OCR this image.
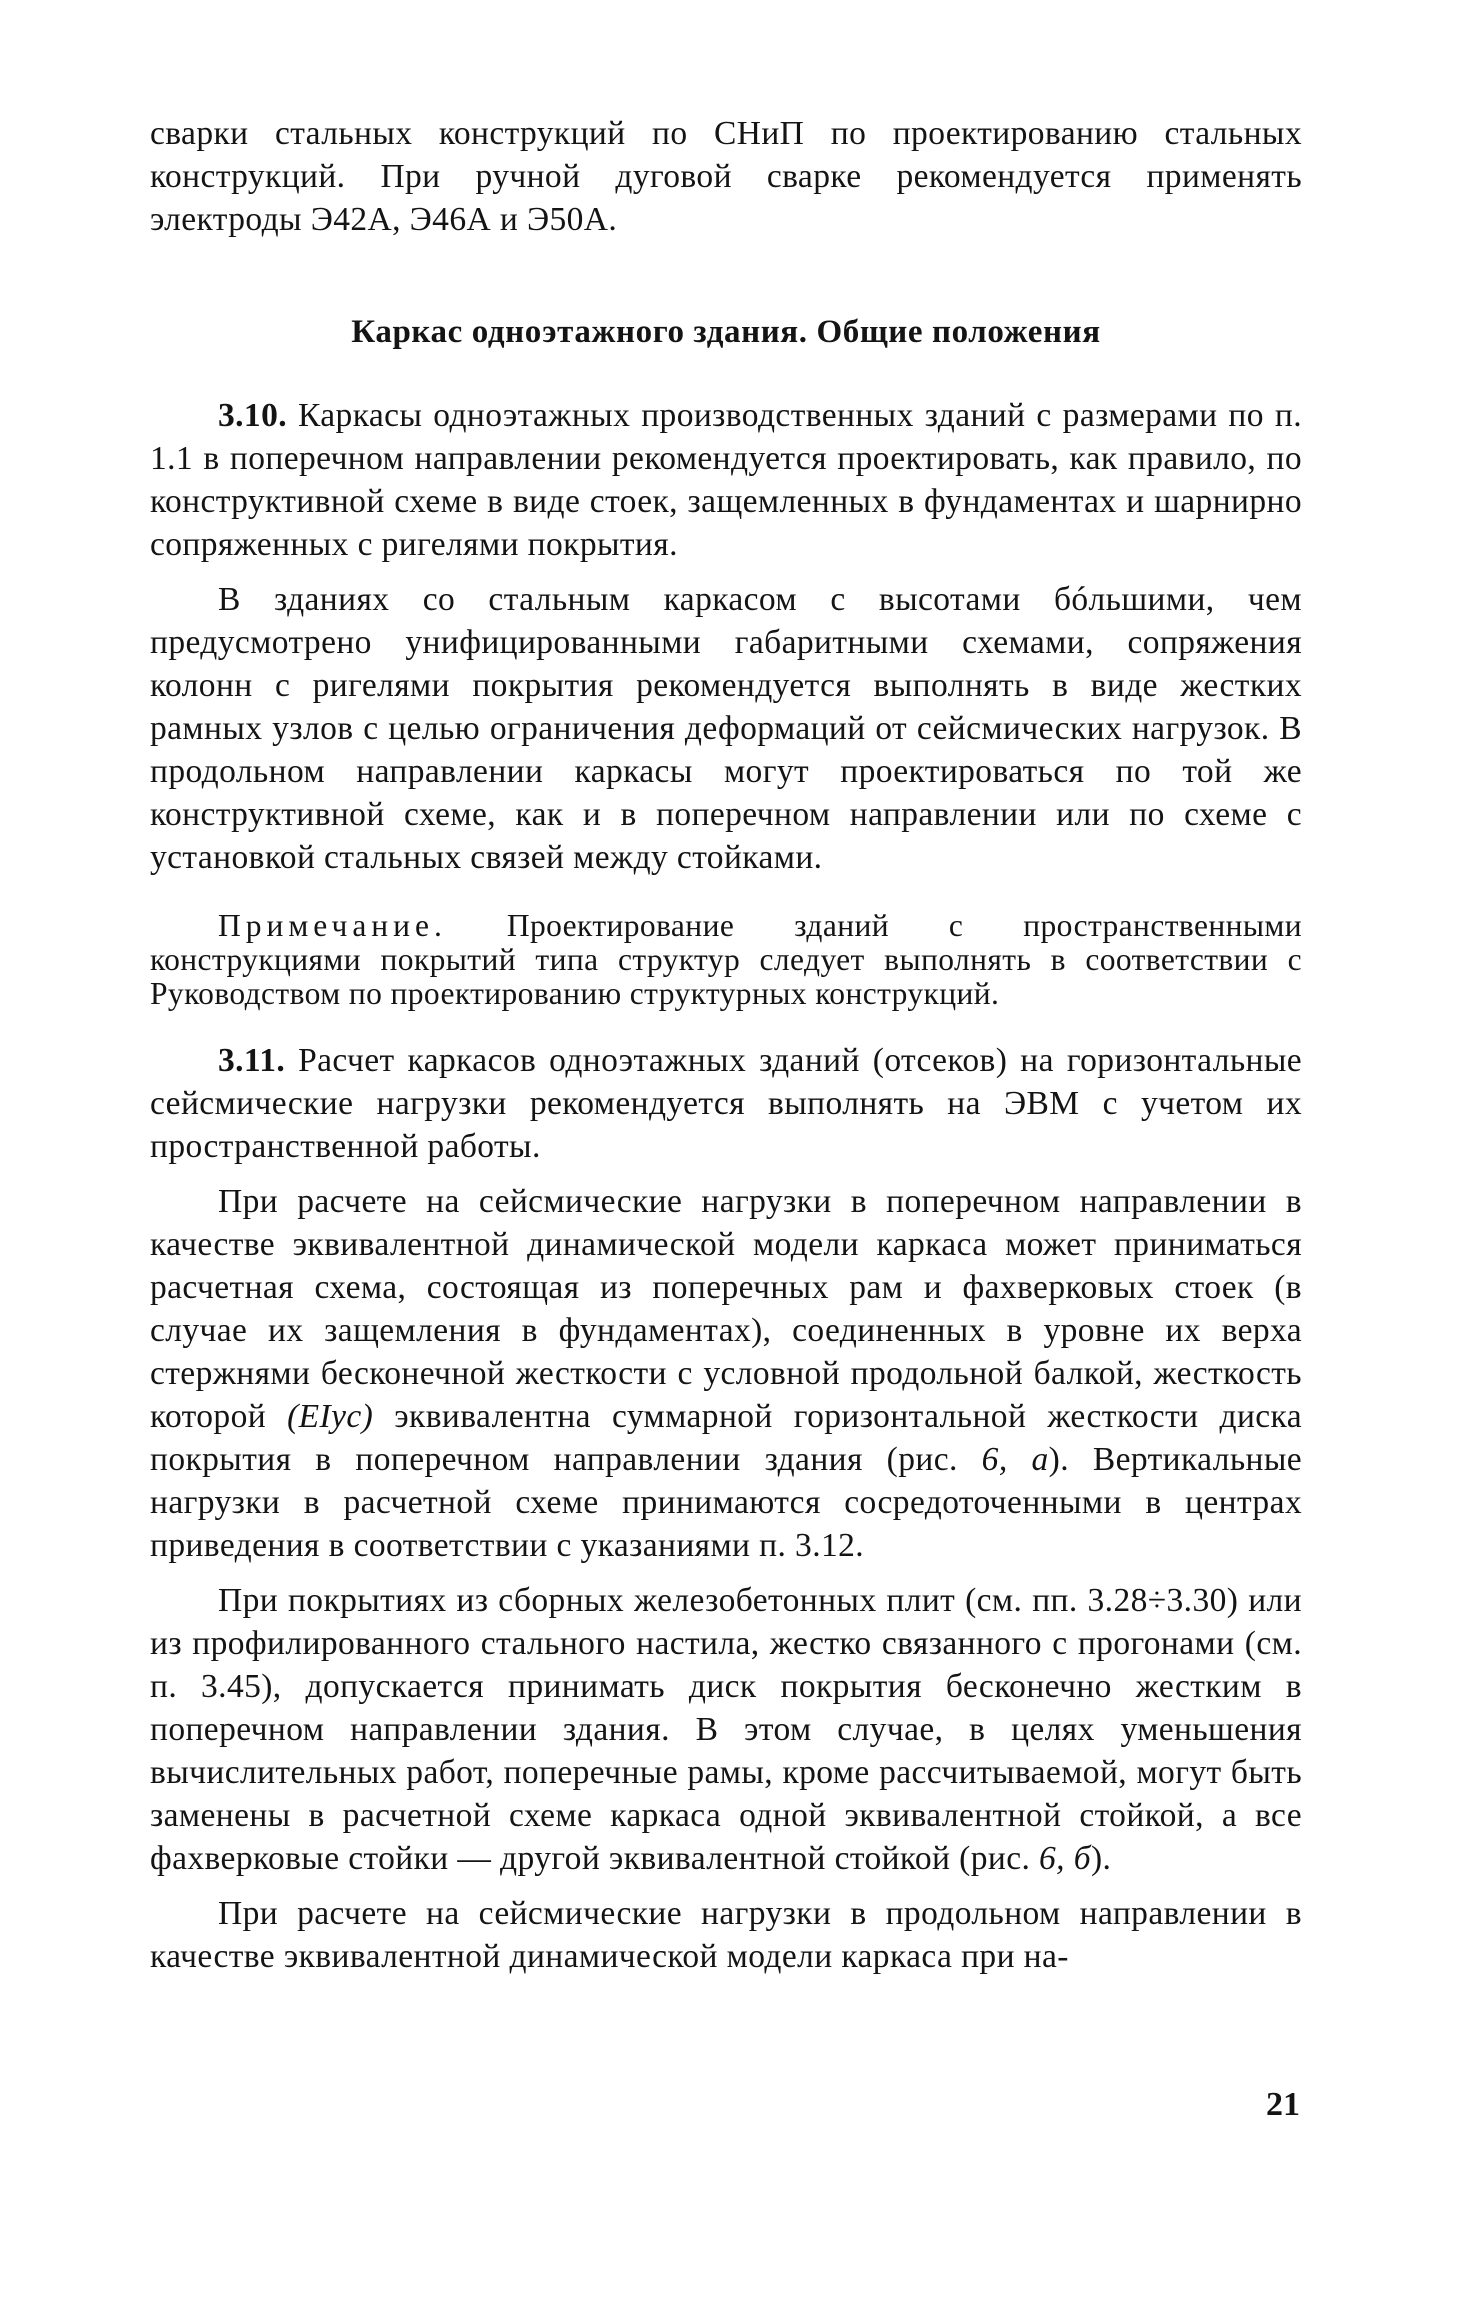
сварки стальных конструкций по СНиП по проектированию стальных конструкций. При ручной дуговой сварке рекомендуется применять электроды Э42А, Э46А и Э50А.

Каркас одноэтажного здания. Общие положения

3.10. Каркасы одноэтажных производственных зданий с размерами по п. 1.1 в поперечном направлении рекомендуется проектировать, как правило, по конструктивной схеме в виде стоек, защемленных в фундаментах и шарнирно сопряженных с ригелями покрытия.

В зданиях со стальным каркасом с высотами бóльшими, чем предусмотрено унифицированными габаритными схемами, сопряжения колонн с ригелями покрытия рекомендуется выполнять в виде жестких рамных узлов с целью ограничения деформаций от сейсмических нагрузок. В продольном направлении каркасы могут проектироваться по той же конструктивной схеме, как и в поперечном направлении или по схеме с установкой стальных связей между стойками.

Примечание. Проектирование зданий с пространственными конструкциями покрытий типа структур следует выполнять в соответствии с Руководством по проектированию структурных конструкций.

3.11. Расчет каркасов одноэтажных зданий (отсеков) на горизонтальные сейсмические нагрузки рекомендуется выполнять на ЭВМ с учетом их пространственной работы.

При расчете на сейсмические нагрузки в поперечном направлении в качестве эквивалентной динамической модели каркаса может приниматься расчетная схема, состоящая из поперечных рам и фахверковых стоек (в случае их защемления в фундаментах), соединенных в уровне их верха стержнями бесконечной жесткости с условной продольной балкой, жесткость которой (EIус) эквивалентна суммарной горизонтальной жесткости диска покрытия в поперечном направлении здания (рис. 6, а). Вертикальные нагрузки в расчетной схеме принимаются сосредоточенными в центрах приведения в соответствии с указаниями п. 3.12.

При покрытиях из сборных железобетонных плит (см. пп. 3.28÷3.30) или из профилированного стального настила, жестко связанного с прогонами (см. п. 3.45), допускается принимать диск покрытия бесконечно жестким в поперечном направлении здания. В этом случае, в целях уменьшения вычислительных работ, поперечные рамы, кроме рассчитываемой, могут быть заменены в расчетной схеме каркаса одной эквивалентной стойкой, а все фахверковые стойки — другой эквивалентной стойкой (рис. 6, б).

При расчете на сейсмические нагрузки в продольном направлении в качестве эквивалентной динамической модели каркаса при на-

21
